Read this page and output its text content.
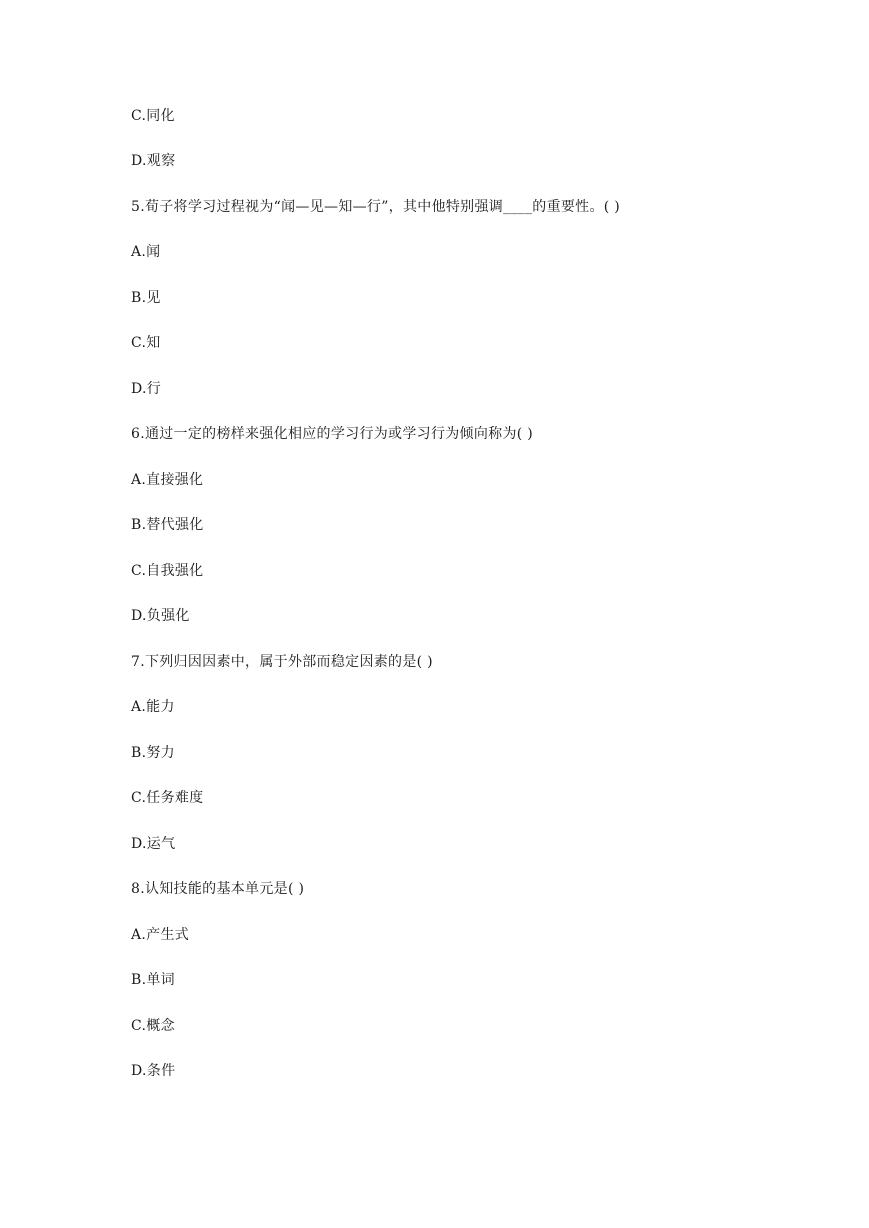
C.同化
D.观察
5.荀子将学习过程视为“闻—见—知—行”，其中他特别强调____的重要性。( )
A.闻
B.见
C.知
D.行
6.通过一定的榜样来强化相应的学习行为或学习行为倾向称为( )
A.直接强化
B.替代强化
C.自我强化
D.负强化
7.下列归因因素中，属于外部而稳定因素的是( )
A.能力
B.努力
C.任务难度
D.运气
8.认知技能的基本单元是( )
A.产生式
B.单词
C.概念
D.条件
